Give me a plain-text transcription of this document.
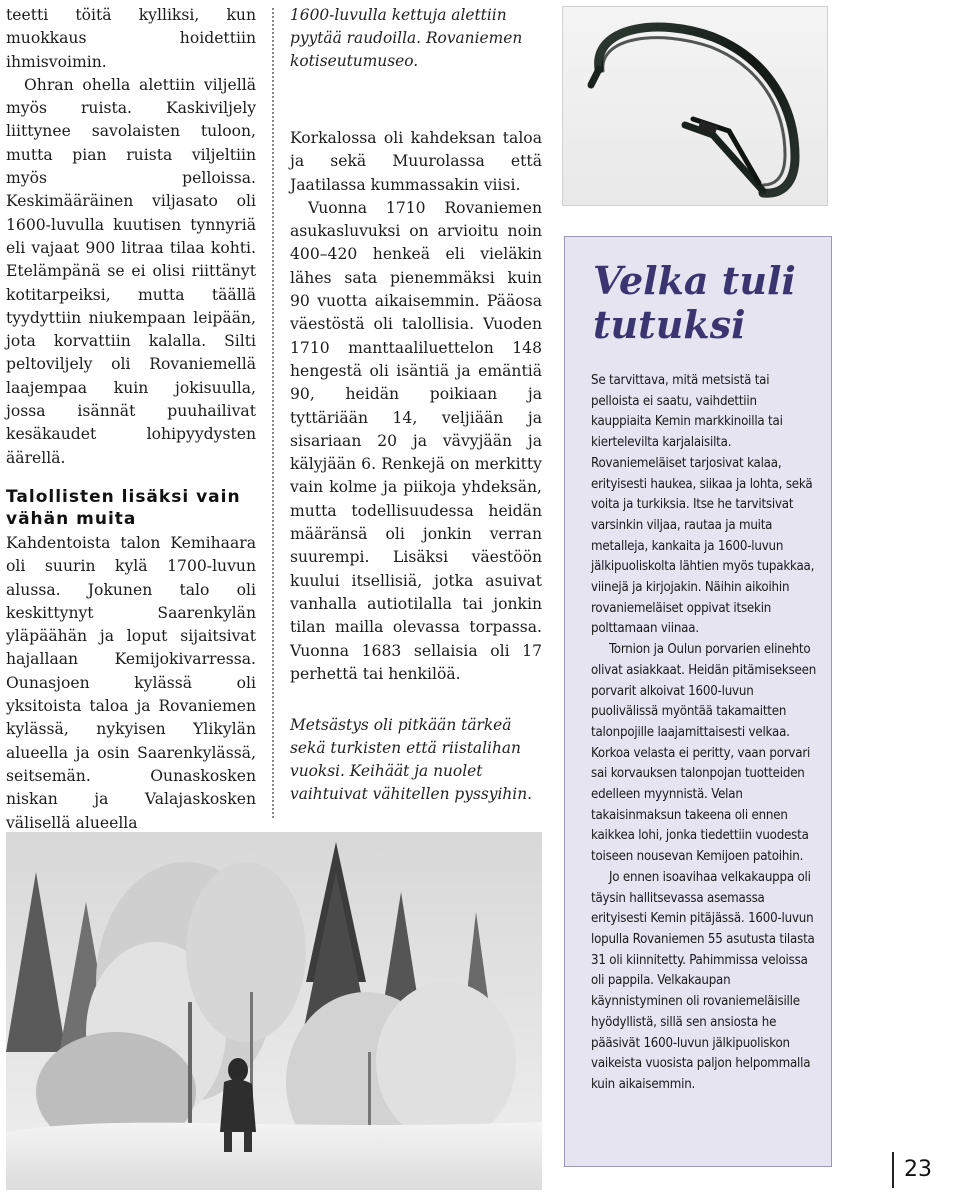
teetti töitä kylliksi, kun muokkaus hoidettiin ihmisvoimin.

Ohran ohella alettiin viljellä myös ruista. Kaskiviljely liittynee savolaisten tuloon, mutta pian ruista viljeltiin myös pelloissa. Keskimääräinen viljasato oli 1600-luvulla kuutisen tynnyriä eli vajaat 900 litraa tilaa kohti. Etelämpänä se ei olisi riittänyt kotitarpeiksi, mutta täällä tyydyttiin niukempaan leipään, jota korvattiin kalalla. Silti peltoviljely oli Rovaniemellä laajempaa kuin jokisuulla, jossa isännät puuhailivat kesäkaudet lohipyydysten äärellä.

Talollisten lisäksi vain vähän muita

Kahdentoista talon Kemihaara oli suurin kylä 1700-luvun alussa. Jokunen talo oli keskittynyt Saarenkylän yläpäähän ja loput sijaitsivat hajallaan Kemijokivarressa. Ounasjoen kylässä oli yksitoista taloa ja Rovaniemen kylässä, nykyisen Ylikylän alueella ja osin Saarenkylässä, seitsemän. Ounaskosken niskan ja Valajaskosken välisellä alueella

1600-luvulla kettuja alettiin pyytää raudoilla. Rovaniemen kotiseutumuseo.

Korkalossa oli kahdeksan taloa ja sekä Muurolassa että Jaatilassa kummassakin viisi.

Vuonna 1710 Rovaniemen asukasluvuksi on arvioitu noin 400–420 henkeä eli vieläkin lähes sata pienemmäksi kuin 90 vuotta aikaisemmin. Pääosa väestöstä oli talollisia. Vuoden 1710 manttaaliluettelon 148 hengestä oli isäntiä ja emäntiä 90, heidän poikiaan ja tyttäriään 14, veljiään ja sisariaan 20 ja vävyjään ja kälyjään 6. Renkejä on merkitty vain kolme ja piikoja yhdeksän, mutta todellisuudessa heidän määränsä oli jonkin verran suurempi. Lisäksi väestöön kuului itsellisiä, jotka asuivat vanhalla autiotilalla tai jonkin tilan mailla olevassa torpassa. Vuonna 1683 sellaisia oli 17 perhettä tai henkilöä.

Metsästys oli pitkään tärkeä sekä turkisten että riistalihan vuoksi. Keihäät ja nuolet vaihtuivat vähitellen pyssyihin.

Velka tuli tutuksi

Se tarvittava, mitä metsistä tai pelloista ei saatu, vaihdettiin kauppiaita Kemin markkinoilla tai kiertelevilta karjalaisilta. Rovaniemeläiset tarjosivat kalaa, erityisesti haukea, siikaa ja lohta, sekä voita ja turkiksia. Itse he tarvitsivat varsinkin viljaa, rautaa ja muita metalleja, kankaita ja 1600-luvun jälkipuoliskolta lähtien myös tupakkaa, viinejä ja kirjojakin. Näihin aikoihin rovaniemeläiset oppivat itsekin polttamaan viinaa.

Tornion ja Oulun porvarien elinehto olivat asiakkaat. Heidän pitämisekseen porvarit alkoivat 1600-luvun puolivälissä myöntää takamaitten talonpojille laajamittaisesti velkaa. Korkoa velasta ei peritty, vaan porvari sai korvauksen talonpojan tuotteiden edelleen myynnistä. Velan takaisinmaksun takeena oli ennen kaikkea lohi, jonka tiedettiin vuodesta toiseen nousevan Kemijoen patoihin.

Jo ennen isoavihaa velkakauppa oli täysin hallitsevassa asemassa erityisesti Kemin pitäjässä. 1600-luvun lopulla Rovaniemen 55 asutusta tilasta 31 oli kiinnitetty. Pahimmissa veloissa oli pappila. Velkakaupan käynnistyminen oli rovaniemeläisille hyödyllistä, sillä sen ansiosta he pääsivät 1600-luvun jälkipuoliskon vaikeista vuosista paljon helpommalla kuin aikaisemmin.

23
